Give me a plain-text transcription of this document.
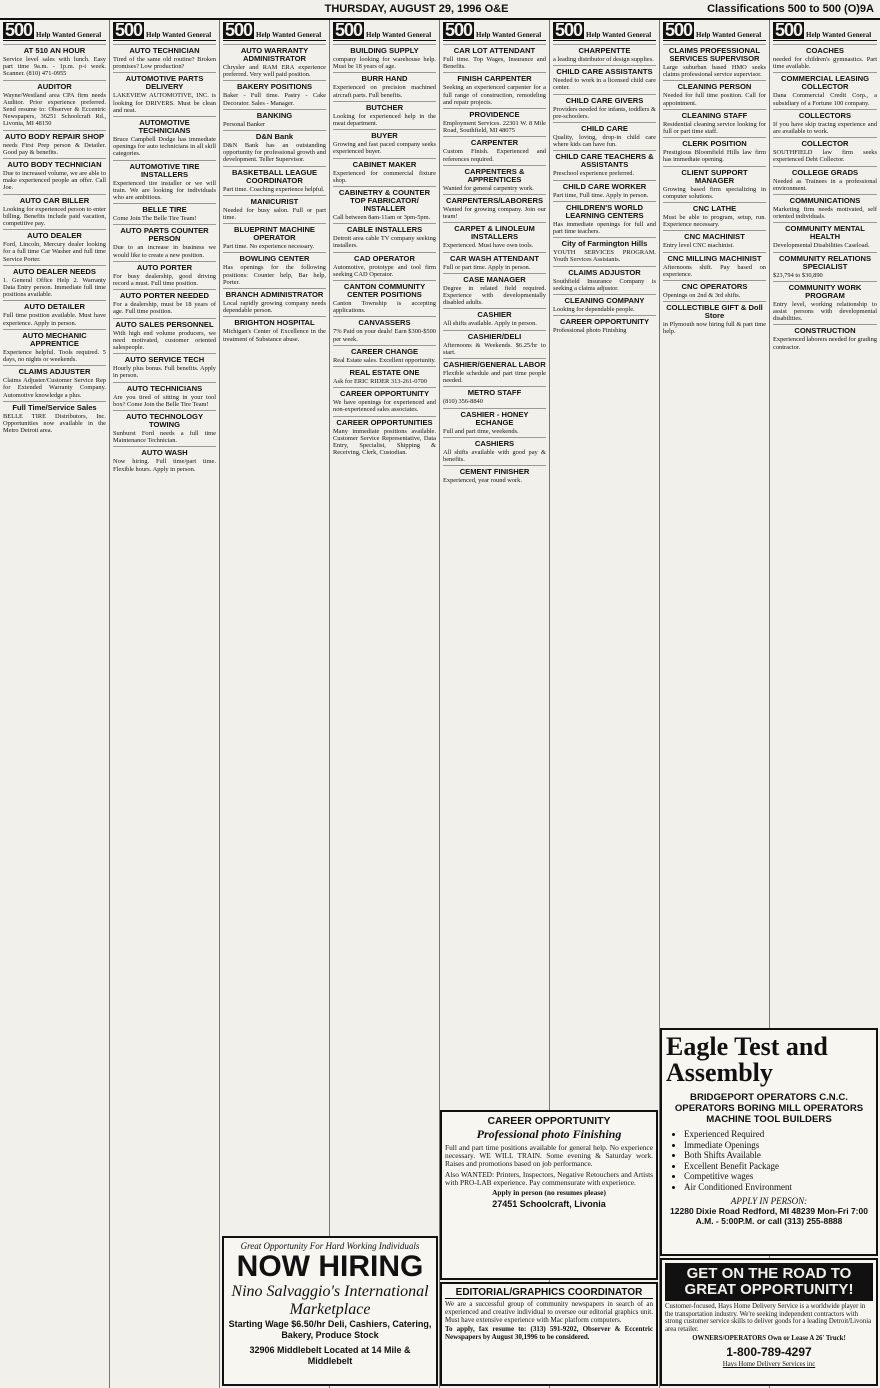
THURSDAY, AUGUST 29, 1996 O&E	Classifications 500 to 500 (O)9A
500 Help Wanted General
AT 510 AN HOUR

Service level sales with lunch. Easy part time 9a.m. - 1p.m. p-t week. Scanner. (810) 471-0955

AUDITOR

Wayne/Westland area CPA firm needs Auditor. Prior experience preferred. Send resume to: Observer & Eccentric Newspapers, 36251 Schoolcraft Rd., Livonia, MI 48150

AUTO BODY REPAIR SHOP

needs First Prep person & Detailer. Good pay & benefits.

AUTO BODY TECHNICIAN

Due to increased volume, we are able to make experienced people an offer. Call Joe.

AUTO CAR BILLER

Looking for experienced person to enter billing. Benefits include paid vacation, competitive pay.

AUTO DEALER

Ford, Lincoln, Mercury dealer looking for a full time Car Washer and full time Service Porter.

AUTO DEALER NEEDS

1. General Office Help 2. Warranty Data Entry person. Immediate full time positions available.

AUTO DETAILER

Full time position available. Must have experience. Apply in person.

AUTO MECHANIC APPRENTICE

Experience helpful. Tools required. 5 days, no nights or weekends.

CLAIMS ADJUSTER

Claims Adjuster/Customer Service Rep for Extended Warranty Company. Automotive knowledge a plus.

Full Time/Service Sales

BELLE TIRE Distributors, Inc. Opportunities now available in the Metro Detroit area.

500 Help Wanted General
AUTO TECHNICIAN

Tired of the same old routine? Broken promises? Low production?

AUTOMOTIVE PARTS DELIVERY

LAKEVIEW AUTOMOTIVE, INC. is looking for DRIVERS. Must be clean and neat.

AUTOMOTIVE TECHNICIANS

Bruce Campbell Dodge has immediate openings for auto technicians in all skill categories.

AUTOMOTIVE TIRE INSTALLERS

Experienced tire installer or we will train. We are looking for individuals who are ambitious.

BELLE TIRE

Come Join The Belle Tire Team!

AUTO PARTS COUNTER PERSON

Due to an increase in business we would like to create a new position.

AUTO PORTER

For busy dealership, good driving record a must. Full time position.

AUTO PORTER NEEDED

For a dealership, must be 18 years of age. Full time position.

AUTO SALES PERSONNEL

With high end volume producers, we need motivated, customer oriented salespeople.

AUTO SERVICE TECH

Hourly plus bonus. Full benefits. Apply in person.

AUTO TECHNICIANS

Are you tired of sitting in your tool box? Come Join the Belle Tire Team!

AUTO TECHNOLOGY TOWING

Sunburst Ford needs a full time Maintenance Technician.

AUTO WASH

Now hiring. Full time/part time. Flexible hours. Apply in person.

500 Help Wanted General
AUTO WARRANTY ADMINISTRATOR

Chrysler and RAM ERA experience preferred. Very well paid position.

BAKERY POSITIONS

Baker - Full time. Pastry - Cake Decorator. Sales - Manager.

BANKING

Personal Banker

D&N Bank

D&N Bank has an outstanding opportunity for professional growth and development. Teller Supervisor.

BASKETBALL LEAGUE COORDINATOR

Part time. Coaching experience helpful.

MANICURIST

Needed for busy salon. Full or part time.

BLUEPRINT MACHINE OPERATOR

Part time. No experience necessary.

BOWLING CENTER

Has openings for the following positions: Counter help, Bar help, Porter.

BRANCH ADMINISTRATOR

Local rapidly growing company needs dependable person.

BRIGHTON HOSPITAL

Michigan's Center of Excellence in the treatment of Substance abuse.

500 Help Wanted General
BUILDING SUPPLY

company looking for warehouse help. Must be 18 years of age.

BURR HAND

Experienced on precision machined aircraft parts. Full benefits.

BUTCHER

Looking for experienced help in the meat department.

BUYER

Growing and fast paced company seeks experienced buyer.

CABINET MAKER

Experienced for commercial fixture shop.

CABINETRY & COUNTER TOP FABRICATOR/ INSTALLER

Call between 8am-11am or 3pm-5pm.

CABLE INSTALLERS

Detroit area cable TV company seeking installers.

CAD OPERATOR

Automotive, prototype and tool firm seeking CAD Operator.

CANTON COMMUNITY CENTER POSITIONS

Canton Township is accepting applications.

CANVASSERS

7% Paid on your deals! Earn $300-$500 per week.

CAREER CHANGE

Real Estate sales. Excellent opportunity.

REAL ESTATE ONE

Ask for ERIC RIDER 313-261-0700

CAREER OPPORTUNITY

We have openings for experienced and non-experienced sales associates.

CAREER OPPORTUNITIES

Many immediate positions available. Customer Service Representative, Data Entry, Specialist, Shipping & Receiving, Clerk, Custodian.

500 Help Wanted General
CAR LOT ATTENDANT

Full time. Top Wages, Insurance and Benefits.

FINISH CARPENTER

Seeking an experienced carpenter for a full range of construction, remodeling and repair projects.

PROVIDENCE

Employment Services. 22301 W. 8 Mile Road, Southfield, MI 48075

CARPENTER

Custom Finish. Experienced and references required.

CARPENTERS & APPRENTICES

Wanted for general carpentry work.

CARPENTERS/LABORERS

Wanted for growing company. Join our team!

CARPET & LINOLEUM INSTALLERS

Experienced. Must have own tools.

CAR WASH ATTENDANT

Full or part time. Apply in person.

CASE MANAGER

Degree in related field required. Experience with developmentally disabled adults.

CASHIER

All shifts available. Apply in person.

CASHIER/DELI

Afternoons & Weekends. $6.25/hr to start.

CASHIER/GENERAL LABOR

Flexible schedule and part time people needed.

METRO STAFF

(810) 356-8840

CASHIER - HONEY ECHANGE

Full and part time, weekends.

CASHIERS

All shifts available with good pay & benefits.

CEMENT FINISHER

Experienced, year round work.

500 Help Wanted General
CHARPENTTE

a leading distributor of design supplies.

CHILD CARE ASSISTANTS

Needed to work in a licensed child care center.

CHILD CARE GIVERS

Providers needed for infants, toddlers & pre-schoolers.

CHILD CARE

Quality, loving, drop-in child care where kids can have fun.

CHILD CARE TEACHERS & ASSISTANTS

Preschool experience preferred.

CHILD CARE WORKER

Part time, Full time. Apply in person.

CHILDREN'S WORLD LEARNING CENTERS

Has immediate openings for full and part time teachers.

City of Farmington Hills

YOUTH SERVICES PROGRAM. Youth Services Assistants.

CLAIMS ADJUSTOR

Southfield Insurance Company is seeking a claims adjustor.

CLEANING COMPANY

Looking for dependable people.

CAREER OPPORTUNITY

Professional photo Finishing

500 Help Wanted General
CLAIMS PROFESSIONAL SERVICES SUPERVISOR

Large suburban based HMO seeks claims professional service supervisor.

CLEANING PERSON

Needed for full time position. Call for appointment.

CLEANING STAFF

Residential cleaning service looking for full or part time staff.

CLERK POSITION

Prestigious Bloomfield Hills law firm has immediate opening.

CLIENT SUPPORT MANAGER

Growing based firm specializing in computer solutions.

CNC LATHE

Must be able to program, setup, run. Experience necessary.

CNC MACHINIST

Entry level CNC machinist.

CNC MILLING MACHINIST

Afternoons shift. Pay based on experience.

CNC OPERATORS

Openings on 2nd & 3rd shifts.

COLLECTIBLE GIFT & Doll Store

in Plymouth now hiring full & part time help.

500 Help Wanted General
COACHES

needed for children's gymnastics. Part time available.

COMMERCIAL LEASING COLLECTOR

Dana Commercial Credit Corp., a subsidiary of a Fortune 100 company.

COLLECTORS

If you have skip tracing experience and are available to work.

COLLECTOR

SOUTHFIELD law firm seeks experienced Debt Collector.

COLLEGE GRADS

Needed as Trainees in a professional environment.

COMMUNICATIONS

Marketing firm needs motivated, self oriented individuals.

COMMUNITY MENTAL HEALTH

Developmental Disabilities Caseload.

COMMUNITY RELATIONS SPECIALIST

$23,794 to $30,890

COMMUNITY WORK PROGRAM

Entry level, working relationship to assist persons with developmental disabilities.

CONSTRUCTION

Experienced laborers needed for grading contractor.

Eagle Test and Assembly
BRIDGEPORT OPERATORS C.N.C. OPERATORS BORING MILL OPERATORS MACHINE TOOL BUILDERS
• Experienced Required
• Immediate Openings
• Both Shifts Available
• Excellent Benefit Package
• Competitive wages
• Air Conditioned Environment
APPLY IN PERSON:
12280 Dixie Road Redford, MI 48239 Mon-Fri 7:00 A.M. - 5:00P.M. or call (313) 255-8888
CAREER OPPORTUNITY
Professional photo Finishing

Full and part time positions available for general help. No experience necessary. WE WILL TRAIN. Some evening & Saturday work. Raises and promotions based on job performance.

Also WANTED: Printers, Inspectors, Negative Retouchers and Artists with PRO-LAB experience. Pay commensurate with experience.

Apply in person (no resumes please)

27451 Schoolcraft, Livonia
EDITORIAL/GRAPHICS COORDINATOR

We are a successful group of community newspapers in search of an experienced and creative individual to oversee our editorial graphics unit. Must have extensive experience with Mac platform computers.

To apply, fax resume to: (313) 591-9202, Observer & Eccentric Newspapers by August 30,1996 to be considered.

Great Opportunity For Hard Working Individuals
NOW HIRING
Nino Salvaggio's International Marketplace
Starting Wage $6.50/hr Deli, Cashiers, Catering, Bakery, Produce Stock
32906 Middlebelt Located at 14 Mile & Middlebelt
GET ON THE ROAD TO GREAT OPPORTUNITY!

Customer-focused, Hays Home Delivery Service is a worldwide player in the transportation industry. We're seeking independent contractors with strong customer service skills to deliver goods for a leading Detroit/Livonia area retailer.

OWNERS/OPERATORS Own or Lease A 26' Truck!

1-800-789-4297

Hays Home Delivery Services inc
